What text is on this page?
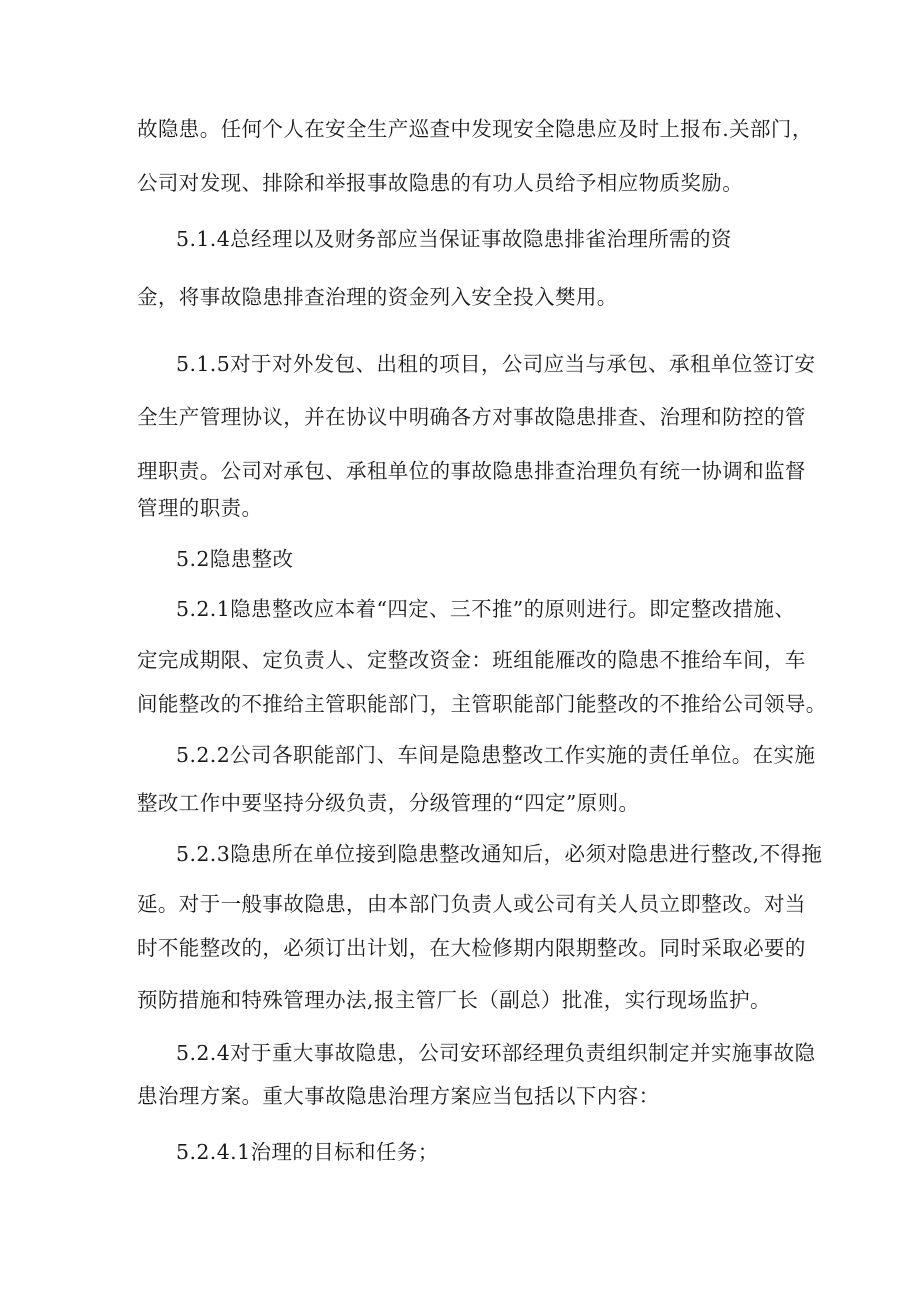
故隐患。任何个人在安全生产巡查中发现安全隐患应及时上报布.关部门，
公司对发现、排除和举报事故隐患的有功人员给予相应物质奖励。
5.1.4总经理以及财务部应当保证事故隐患排雀治理所需的资
金，将事故隐患排查治理的资金列入安全投入樊用。
5.1.5对于对外发包、出租的项目，公司应当与承包、承租单位签订安
全生产管理协议，并在协议中明确各方对事故隐患排查、治理和防控的管
理职责。公司对承包、承租单位的事故隐患排查治理负有统一协调和监督
管理的职责。
5.2隐患整改
5.2.1隐患整改应本着“四定、三不推”的原则进行。即定整改措施、
定完成期限、定负责人、定整改资金：班组能雁改的隐患不推给车间，车
间能整改的不推给主管职能部门，主管职能部门能整改的不推给公司领导。
5.2.2公司各职能部门、车间是隐患整改工作实施的责任单位。在实施
整改工作中要坚持分级负责，分级管理的“四定”原则。
5.2.3隐患所在单位接到隐患整改通知后，必须对隐患进行整改,不得拖
延。对于一般事故隐患，由本部门负责人或公司有关人员立即整改。对当
时不能整改的，必须订出计划，在大检修期内限期整改。同时采取必要的
预防措施和特殊管理办法,报主管厂长（副总）批准，实行现场监护。
5.2.4对于重大事故隐患，公司安环部经理负责组织制定并实施事故隐
患治理方案。重大事故隐患治理方案应当包括以下内容：
5.2.4.1治理的目标和任务；
